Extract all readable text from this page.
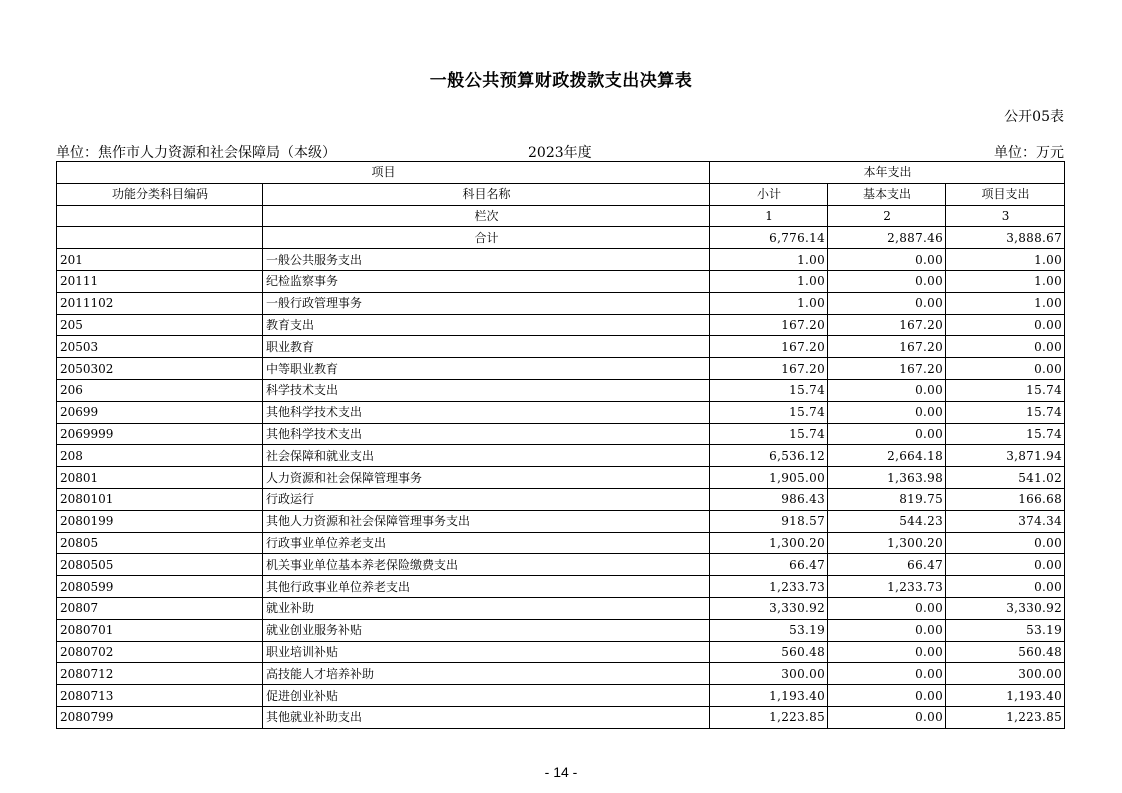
一般公共预算财政拨款支出决算表
公开05表
单位：焦作市人力资源和社会保障局（本级）	2023年度	单位：万元
项目		本年支出		
功能分类科目编码	科目名称	小计	基本支出	项目支出
	栏次	1	2	3
	合计	6,776.14	2,887.46	3,888.67
201	一般公共服务支出	1.00	0.00	1.00
20111	纪检监察事务	1.00	0.00	1.00
2011102	一般行政管理事务	1.00	0.00	1.00
205	教育支出	167.20	167.20	0.00
20503	职业教育	167.20	167.20	0.00
2050302	中等职业教育	167.20	167.20	0.00
206	科学技术支出	15.74	0.00	15.74
20699	其他科学技术支出	15.74	0.00	15.74
2069999	其他科学技术支出	15.74	0.00	15.74
208	社会保障和就业支出	6,536.12	2,664.18	3,871.94
20801	人力资源和社会保障管理事务	1,905.00	1,363.98	541.02
2080101	行政运行	986.43	819.75	166.68
2080199	其他人力资源和社会保障管理事务支出	918.57	544.23	374.34
20805	行政事业单位养老支出	1,300.20	1,300.20	0.00
2080505	机关事业单位基本养老保险缴费支出	66.47	66.47	0.00
2080599	其他行政事业单位养老支出	1,233.73	1,233.73	0.00
20807	就业补助	3,330.92	0.00	3,330.92
2080701	就业创业服务补贴	53.19	0.00	53.19
2080702	职业培训补贴	560.48	0.00	560.48
2080712	高技能人才培养补助	300.00	0.00	300.00
2080713	促进创业补贴	1,193.40	0.00	1,193.40
2080799	其他就业补助支出	1,223.85	0.00	1,223.85
- 14 -
